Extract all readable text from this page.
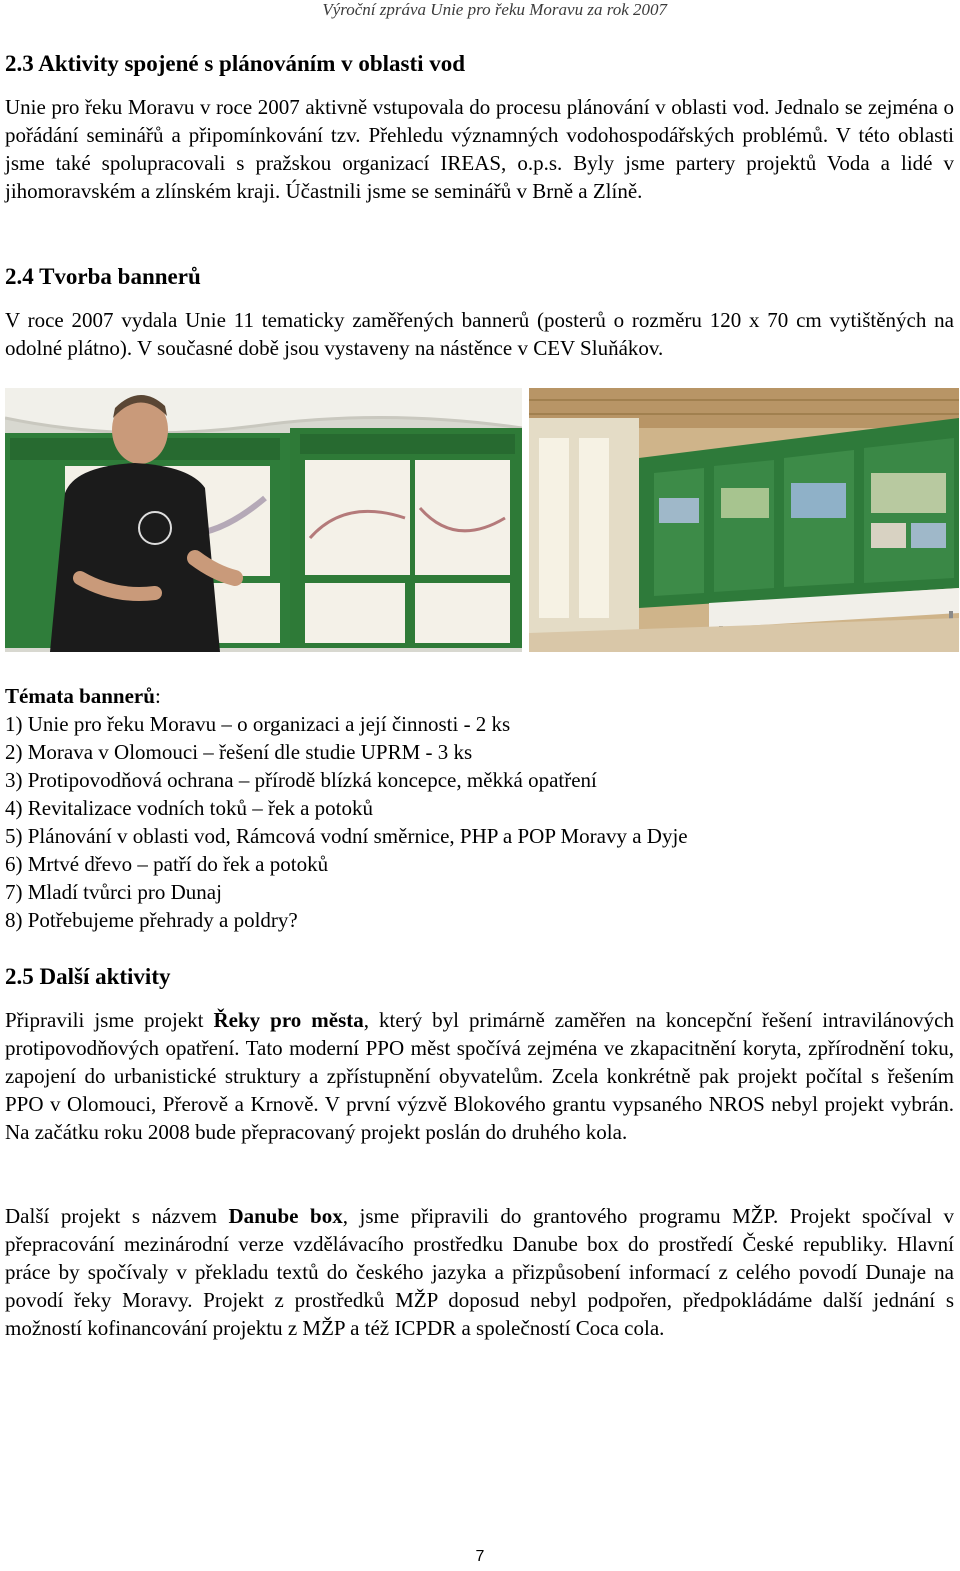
Výroční zpráva Unie pro řeku Moravu za rok 2007
2.3 Aktivity spojené s plánováním v oblasti vod

Unie pro řeku Moravu v roce 2007 aktivně vstupovala do procesu plánování v oblasti vod. Jednalo se zejména o pořádání seminářů a připomínkování tzv. Přehledu významných vodohospodářských problémů. V této oblasti jsme také spolupracovali s pražskou organizací IREAS, o.p.s. Byly jsme partery projektů Voda a lidé v jihomoravském a zlínském kraji. Účastnili jsme se seminářů v Brně a Zlíně.

2.4 Tvorba bannerů

V roce 2007 vydala Unie 11 tematicky zaměřených bannerů (posterů o rozměru 120 x 70 cm vytištěných na odolné plátno). V současné době jsou vystaveny na nástěnce v CEV Sluňákov.

Témata bannerů:
1) Unie pro řeku Moravu – o organizaci a její činnosti - 2 ks
2) Morava v Olomouci – řešení dle studie UPRM - 3 ks
3) Protipovodňová ochrana – přírodě blízká koncepce, měkká opatření
4) Revitalizace vodních toků – řek a potoků
5) Plánování v oblasti vod, Rámcová vodní směrnice, PHP a POP Moravy a Dyje
6) Mrtvé dřevo – patří do řek a potoků
7) Mladí tvůrci pro Dunaj
8) Potřebujeme přehrady a poldry?
2.5 Další aktivity

Připravili jsme projekt Řeky pro města, který byl primárně zaměřen na koncepční řešení intravilánových protipovodňových opatření. Tato moderní PPO měst spočívá zejména ve zkapacitnění koryta, zpřírodnění toku, zapojení do urbanistické struktury a zpřístupnění obyvatelům. Zcela konkrétně pak projekt počítal s řešením PPO v Olomouci, Přerově a Krnově. V první výzvě Blokového grantu vypsaného NROS nebyl projekt vybrán. Na začátku roku 2008 bude přepracovaný projekt poslán do druhého kola.

Další projekt s názvem Danube box, jsme připravili do grantového programu MŽP. Projekt spočíval v přepracování mezinárodní verze vzdělávacího prostředku Danube box do prostředí České republiky. Hlavní práce by spočívaly v překladu textů do českého jazyka a přizpůsobení informací z celého povodí Dunaje na povodí řeky Moravy. Projekt z prostředků MŽP doposud nebyl podpořen, předpokládáme další jednání s možností kofinancování projektu z MŽP a též ICPDR a společností Coca cola.

7
